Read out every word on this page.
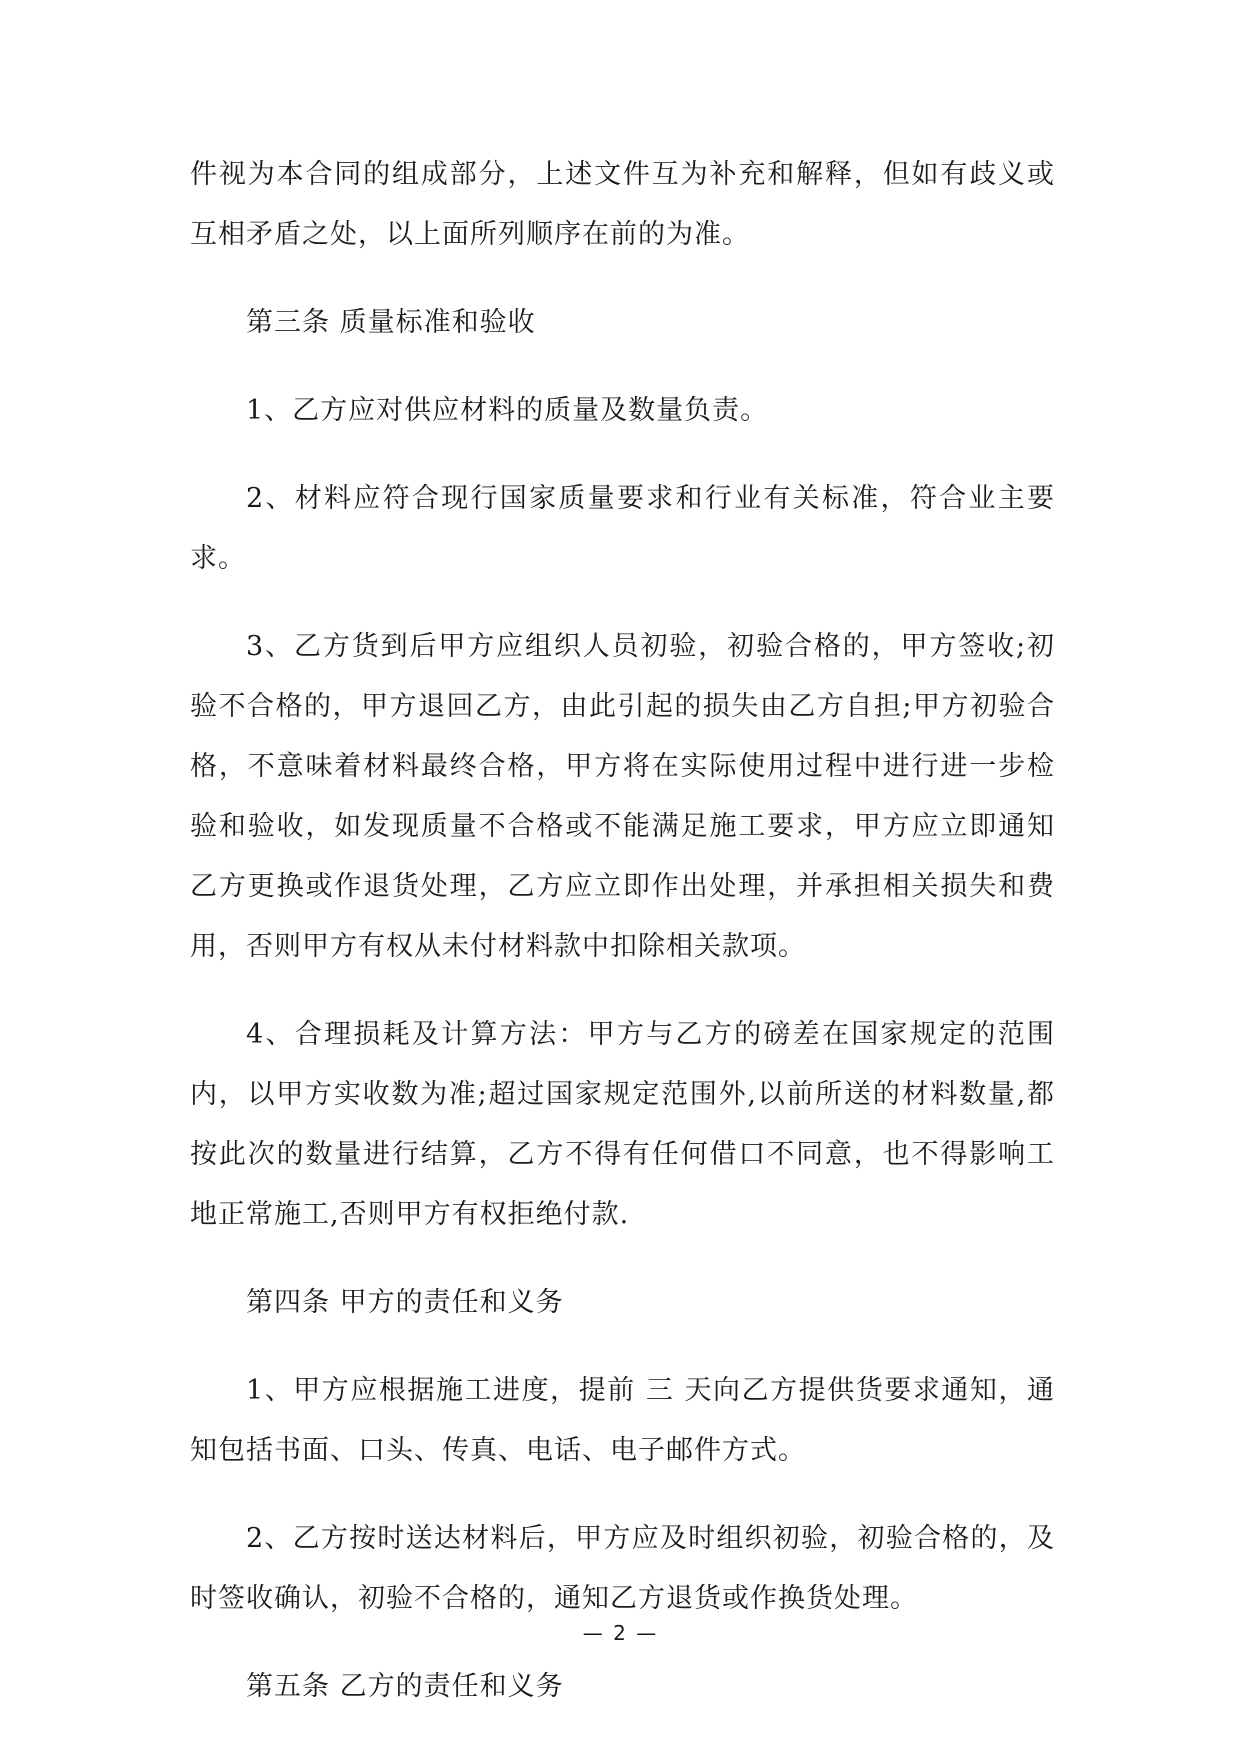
件视为本合同的组成部分，上述文件互为补充和解释，但如有歧义或互相矛盾之处，以上面所列顺序在前的为准。

第三条 质量标准和验收

1、乙方应对供应材料的质量及数量负责。

2、材料应符合现行国家质量要求和行业有关标准，符合业主要求。

3、乙方货到后甲方应组织人员初验，初验合格的，甲方签收;初验不合格的，甲方退回乙方，由此引起的损失由乙方自担;甲方初验合格，不意味着材料最终合格，甲方将在实际使用过程中进行进一步检验和验收，如发现质量不合格或不能满足施工要求，甲方应立即通知乙方更换或作退货处理，乙方应立即作出处理，并承担相关损失和费用，否则甲方有权从未付材料款中扣除相关款项。

4、合理损耗及计算方法：甲方与乙方的磅差在国家规定的范围内，以甲方实收数为准;超过国家规定范围外,以前所送的材料数量,都按此次的数量进行结算，乙方不得有任何借口不同意，也不得影响工地正常施工,否则甲方有权拒绝付款.

第四条 甲方的责任和义务

1、甲方应根据施工进度，提前 三 天向乙方提供货要求通知，通知包括书面、口头、传真、电话、电子邮件方式。

2、乙方按时送达材料后，甲方应及时组织初验，初验合格的，及时签收确认，初验不合格的，通知乙方退货或作换货处理。

第五条 乙方的责任和义务

— 2 —
